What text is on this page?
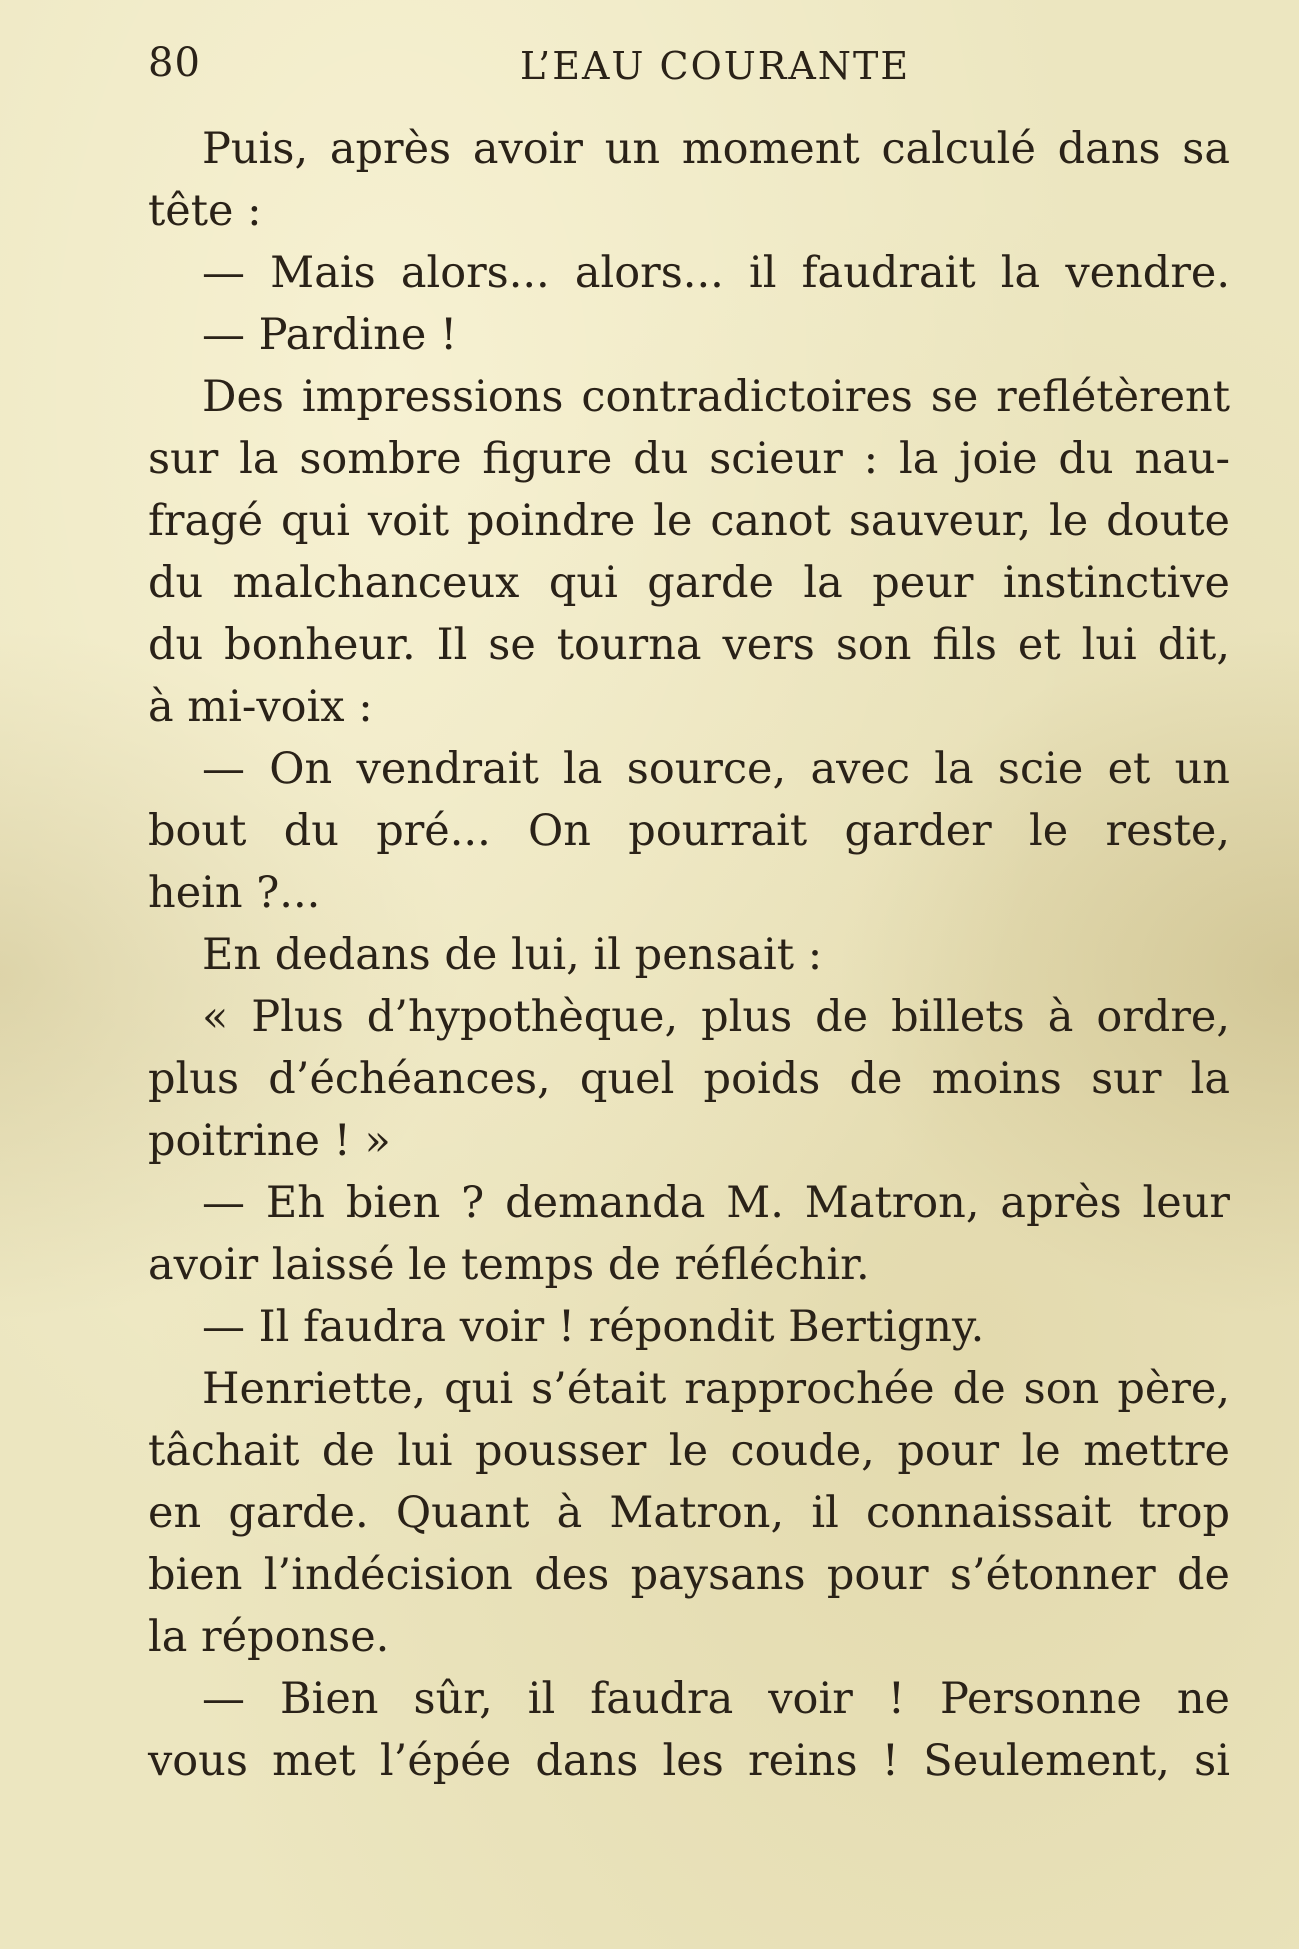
80	L’EAU COURANTE
Puis, après avoir un moment calculé dans sa
tête :
— Mais alors... alors... il faudrait la vendre.
— Pardine !
Des impressions contradictoires se reflétèrent
sur la sombre figure du scieur : la joie du nau-
fragé qui voit poindre le canot sauveur, le doute
du malchanceux qui garde la peur instinctive
du bonheur. Il se tourna vers son fils et lui dit,
à mi-voix :
— On vendrait la source, avec la scie et un
bout du pré... On pourrait garder le reste,
hein ?...
En dedans de lui, il pensait :
« Plus d’hypothèque, plus de billets à ordre,
plus d’échéances, quel poids de moins sur la
poitrine ! »
— Eh bien ? demanda M. Matron, après leur
avoir laissé le temps de réfléchir.
— Il faudra voir ! répondit Bertigny.
Henriette, qui s’était rapprochée de son père,
tâchait de lui pousser le coude, pour le mettre
en garde. Quant à Matron, il connaissait trop
bien l’indécision des paysans pour s’étonner de
la réponse.
— Bien sûr, il faudra voir ! Personne ne
vous met l’épée dans les reins ! Seulement, si
